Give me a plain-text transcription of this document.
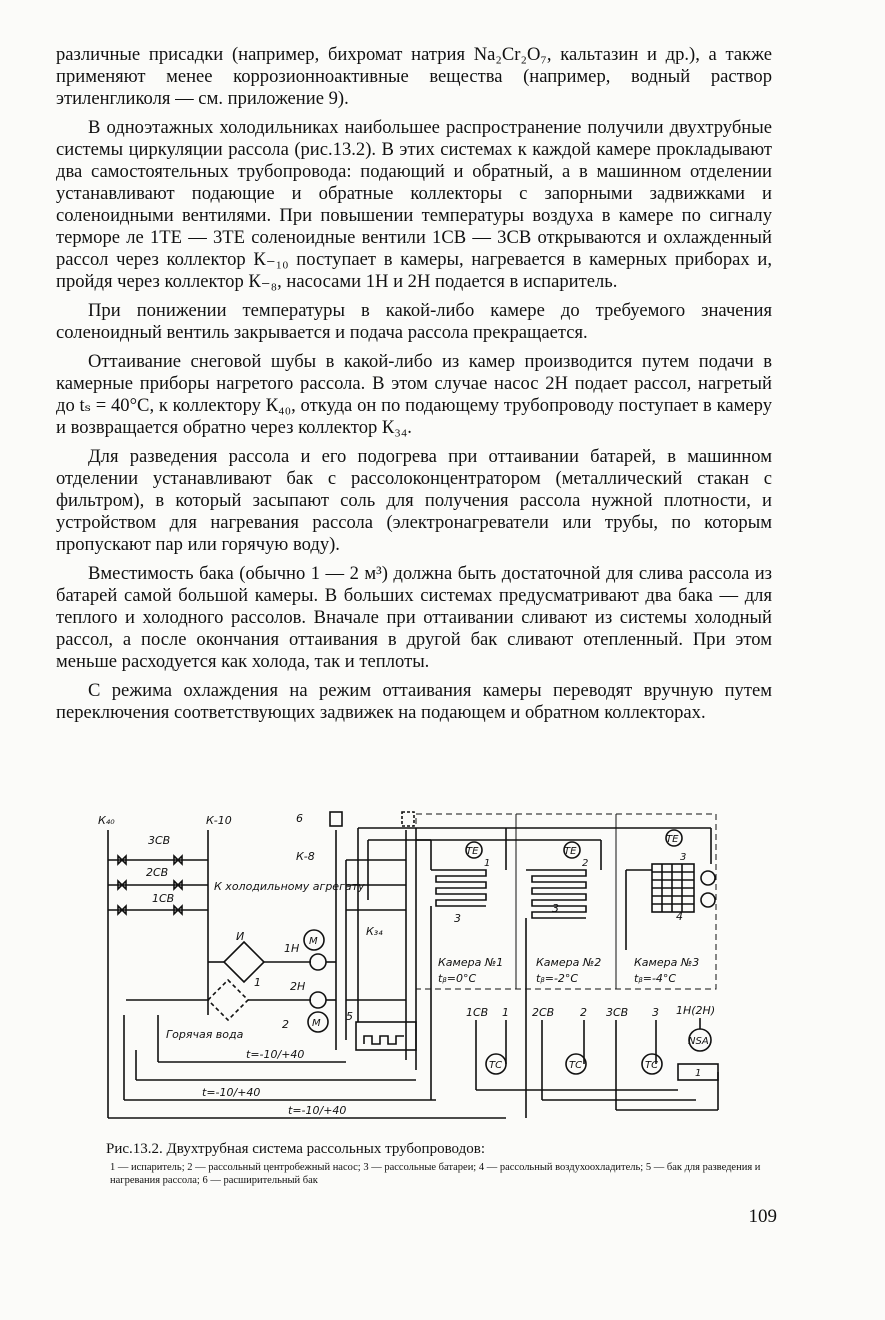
различные присадки (например, бихромат натрия Na₂Cr₂O₇, кальтазин и др.), а также применяют менее коррозионноактивные вещества (например, водный раствор этиленгликоля — см. приложение 9).

В одноэтажных холодильниках наибольшее распространение получили двухтрубные системы циркуляции рассола (рис.13.2). В этих системах к каждой камере прокладывают два самостоятельных трубопровода: подающий и обратный, а в машинном отделении устанавливают подающие и обратные коллекторы с запорными задвижками и соленоидными вентилями. При повышении температуры воздуха в камере по сигналу терморе ле 1ТЕ — 3ТЕ соленоидные вентили 1СВ — 3СВ открываются и охлажденный рассол через коллектор К₋₁₀ поступает в камеры, нагревается в камерных приборах и, пройдя через коллектор К₋₈, насосами 1Н и 2Н подается в испаритель.

При понижении температуры в какой-либо камере до требуемого значения соленоидный вентиль закрывается и подача рассола прекращается.

Оттаивание снеговой шубы в какой-либо из камер производится путем подачи в камерные приборы нагретого рассола. В этом случае насос 2Н подает рассол, нагретый до tₛ = 40°С, к коллектору К₄₀, откуда он по подающему трубопроводу поступает в камеру и возвращается обратно через коллектор К₃₄.

Для разведения рассола и его подогрева при оттаивании батарей, в машинном отделении устанавливают бак с рассолоконцентратором (металлический стакан с фильтром), в который засыпают соль для получения рассола нужной плотности, и устройством для нагревания рассола (электронагреватели или трубы, по которым пропускают пар или горячую воду).

Вместимость бака (обычно 1 — 2 м³) должна быть достаточной для слива рассола из батарей самой большой камеры. В больших системах предусматривают два бака — для теплого и холодного рассолов. Вначале при оттаивании сливают из системы холодный рассол, а после окончания оттаивания в другой бак сливают отепленный. При этом меньше расходуется как холода, так и теплоты.

С режима охлаждения на режим оттаивания камеры переводят вручную путем переключения соответствующих задвижек на подающем и обратном коллекторах.

М
К₄₀	К-10
3СВ
2СВ
1СВ
К холодильному агрегату
6
К-8
К₃₄
И
1Н
2Н
М
1
2
5
Горячая вода
t=-10/+40
t=-10/+40
t=-10/+40
3
3
4
Камера №1
tᵦ=0°С
Камера №2
tᵦ=-2°С
Камера №3
tᵦ=-4°С
ТЕ	ТЕ
ТЕ
1	2
3
1СВ 1 2СВ 2 3СВ 3
ТС	ТС	ТС
NSA
1Н(2Н)
1

Рис.13.2. Двухтрубная система рассольных трубопроводов:

1 — испаритель; 2 — рассольный центробежный насос; 3 — рассольные батареи; 4 — рассольный воздухоохладитель; 5 — бак для разведения и нагревания рассола; 6 — расширительный бак

109
